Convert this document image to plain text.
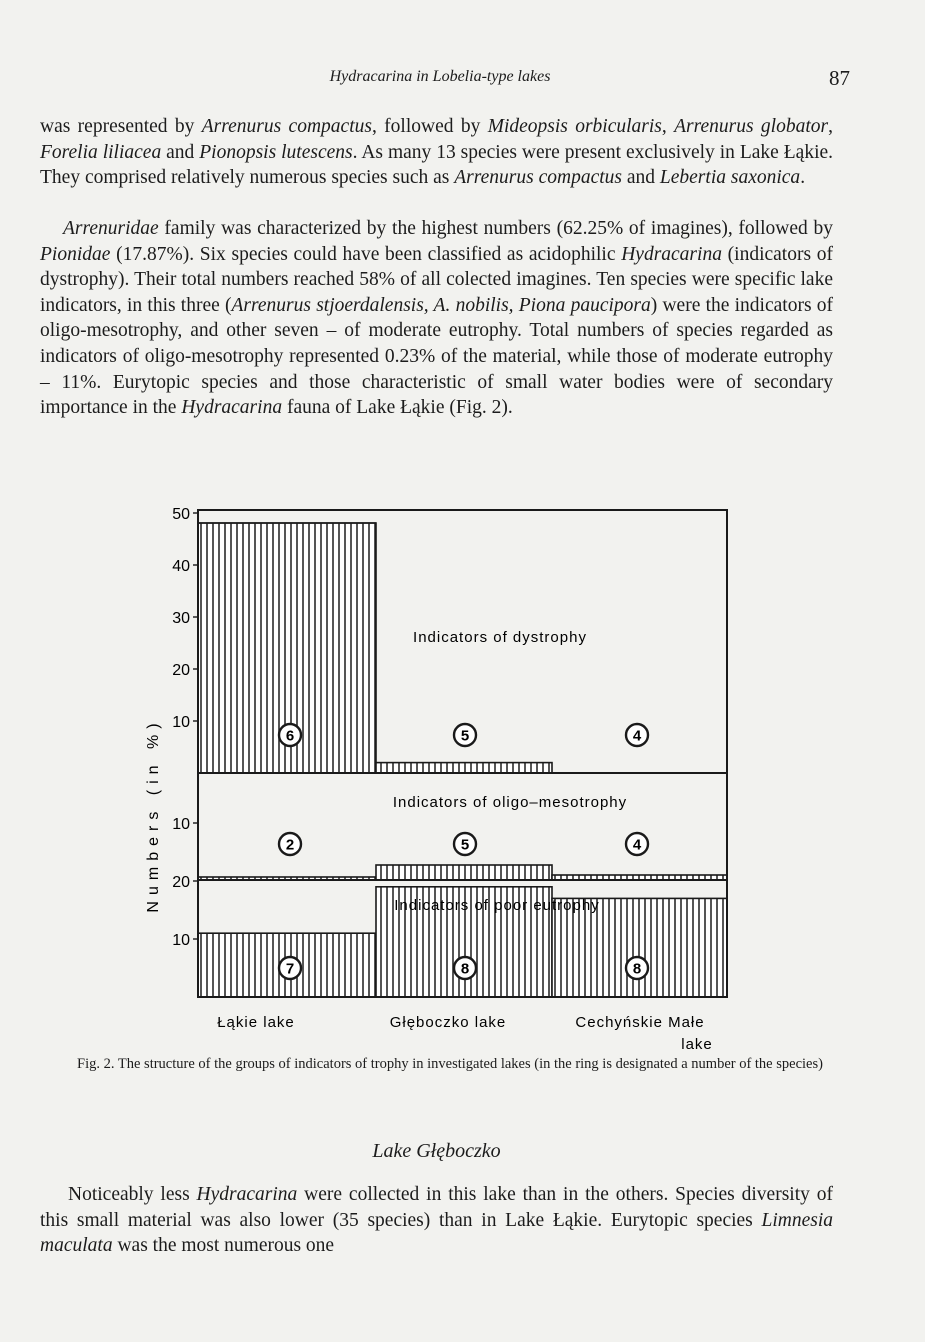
Hydracarina in Lobelia-type lakes	87

was represented by Arrenurus compactus, followed by Mideopsis orbicularis, Arrenurus globator, Forelia liliacea and Pionopsis lutescens. As many 13 species were present exclusively in Lake Łąkie. They comprised relatively numerous species such as Arrenurus compactus and Lebertia saxonica.

Arrenuridae family was characterized by the highest numbers (62.25% of imagines), followed by Pionidae (17.87%). Six species could have been classified as acidophilic Hydracarina (indicators of dystrophy). Their total numbers reached 58% of all colected imagines. Ten species were specific lake indicators, in this three (Arrenurus stjoerdalensis, A. nobilis, Piona paucipora) were the indicators of oligo-mesotrophy, and other seven – of moderate eutrophy. Total numbers of species regarded as indicators of oligo-mesotrophy represented 0.23% of the material, while those of moderate eutrophy – 11%. Eurytopic species and those characteristic of small water bodies were of secondary importance in the Hydracarina fauna of Lake Łąkie (Fig. 2).

10
20
30
40
50
10
10
20
Indicators of dystrophy
Indicators of oligo–mesotrophy
Indicators of poor eutrophy
6	5	4
2	5	4
7	8	8
Numbers (in %)
Łąkie lake	Głęboczko lake	Cechyńskie Małe
lake
Fig. 2. The structure of the groups of indicators of trophy in investigated lakes (in the ring is designated a number of the species)
Lake Głęboczko

Noticeably less Hydracarina were collected in this lake than in the others. Species diversity of this small material was also lower (35 species) than in Lake Łąkie. Eurytopic species Limnesia maculata was the most numerous one
